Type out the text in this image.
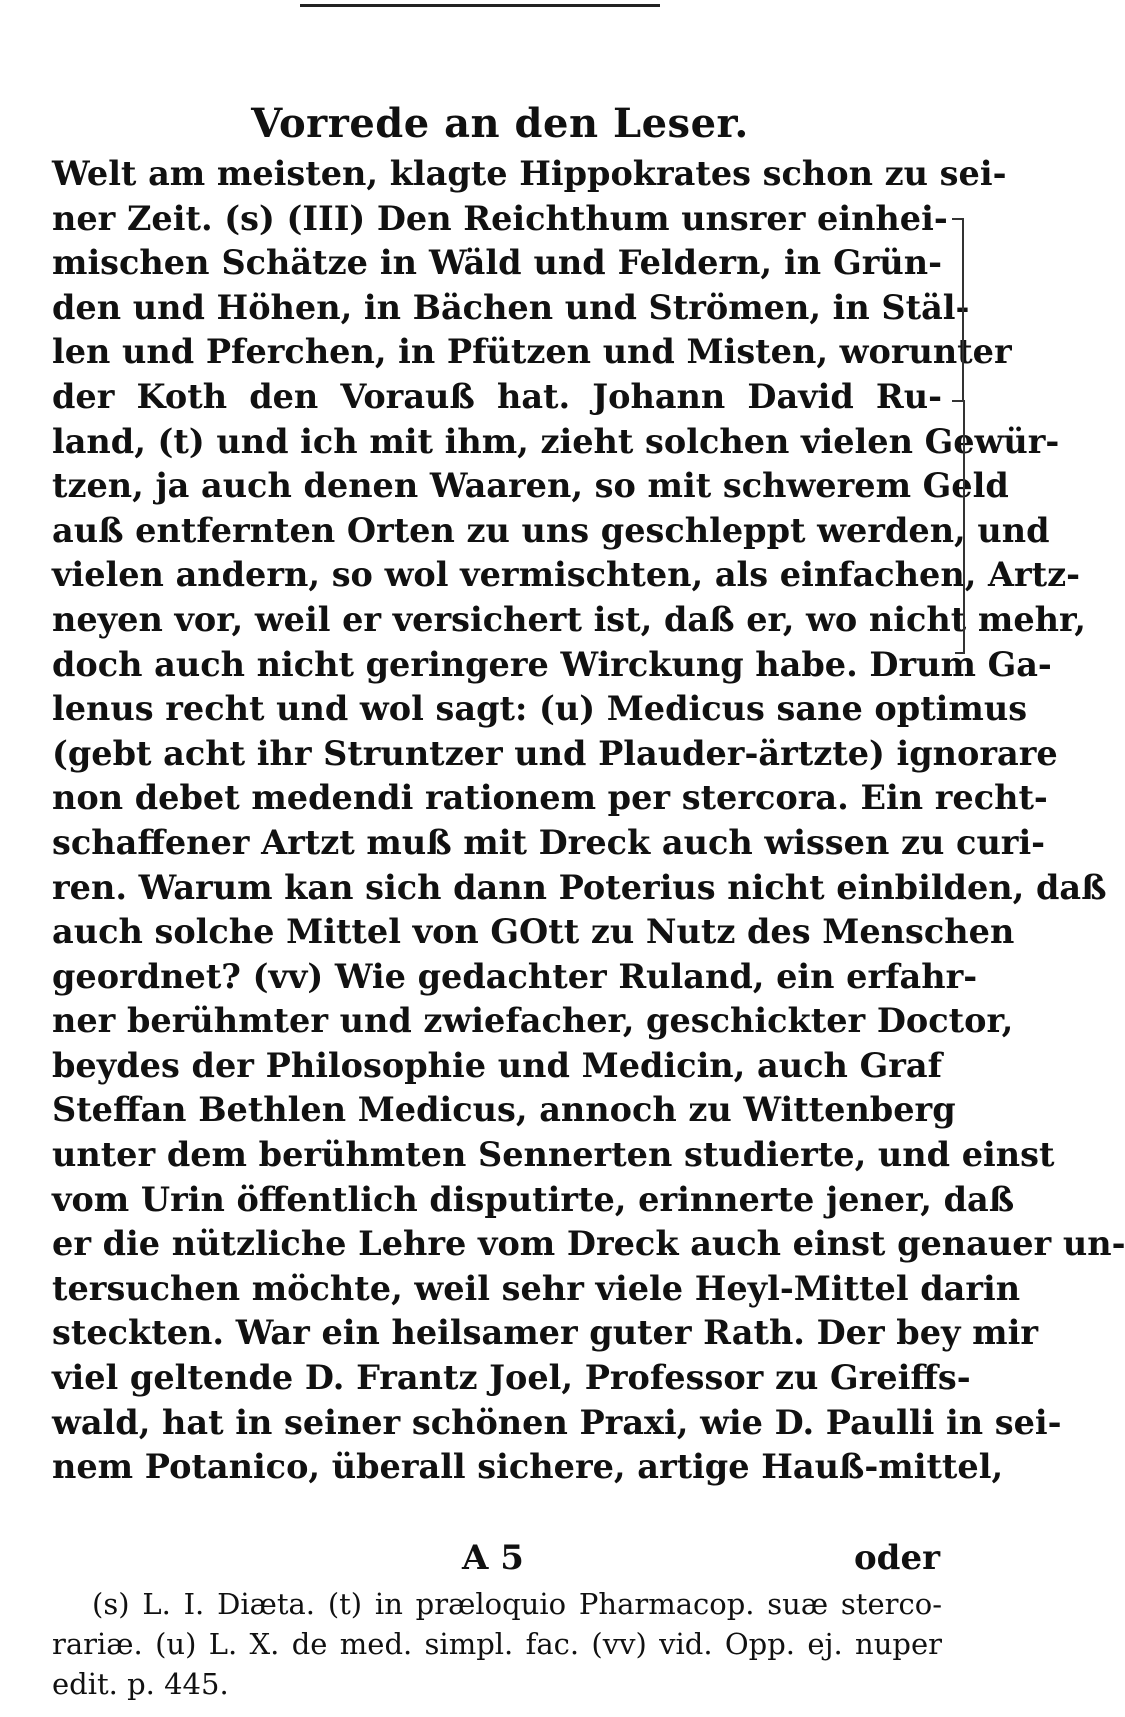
Vorrede an den Leser.
Welt am meisten, klagte Hippokrates schon zu sei-
ner Zeit. (s) (III) Den Reichthum unsrer einhei-
mischen Schätze in Wäld und Feldern, in Grün-
den und Höhen, in Bächen und Strömen, in Stäl-
len und Pferchen, in Pfützen und Misten, worunter
der Koth den Vorauß hat. Johann David Ru-
land, (t) und ich mit ihm, zieht solchen vielen Gewür-
tzen, ja auch denen Waaren, so mit schwerem Geld
auß entfernten Orten zu uns geschleppt werden, und
vielen andern, so wol vermischten, als einfachen, Artz-
neyen vor, weil er versichert ist, daß er, wo nicht mehr,
doch auch nicht geringere Wirckung habe. Drum Ga-
lenus recht und wol sagt: (u) Medicus sane optimus
(gebt acht ihr Struntzer und Plauder-ärtzte) ignorare
non debet medendi rationem per stercora. Ein recht-
schaffener Artzt muß mit Dreck auch wissen zu curi-
ren. Warum kan sich dann Poterius nicht einbilden, daß
auch solche Mittel von GOtt zu Nutz des Menschen
geordnet? (vv) Wie gedachter Ruland, ein erfahr-
ner berühmter und zwiefacher, geschickter Doctor,
beydes der Philosophie und Medicin, auch Graf
Steffan Bethlen Medicus, annoch zu Wittenberg
unter dem berühmten Sennerten studierte, und einst
vom Urin öffentlich disputirte, erinnerte jener, daß
er die nützliche Lehre vom Dreck auch einst genauer un-
tersuchen möchte, weil sehr viele Heyl-Mittel darin
steckten. War ein heilsamer guter Rath. Der bey mir
viel geltende D. Frantz Joel, Professor zu Greiffs-
wald, hat in seiner schönen Praxi, wie D. Paulli in sei-
nem Potanico, überall sichere, artige Hauß-mittel,
A 5	oder
(s) L. I. Diæta. (t) in præloquio Pharmacop. suæ sterco-
rariæ. (u) L. X. de med. simpl. fac. (vv) vid. Opp. ej. nuper
edit. p. 445.
